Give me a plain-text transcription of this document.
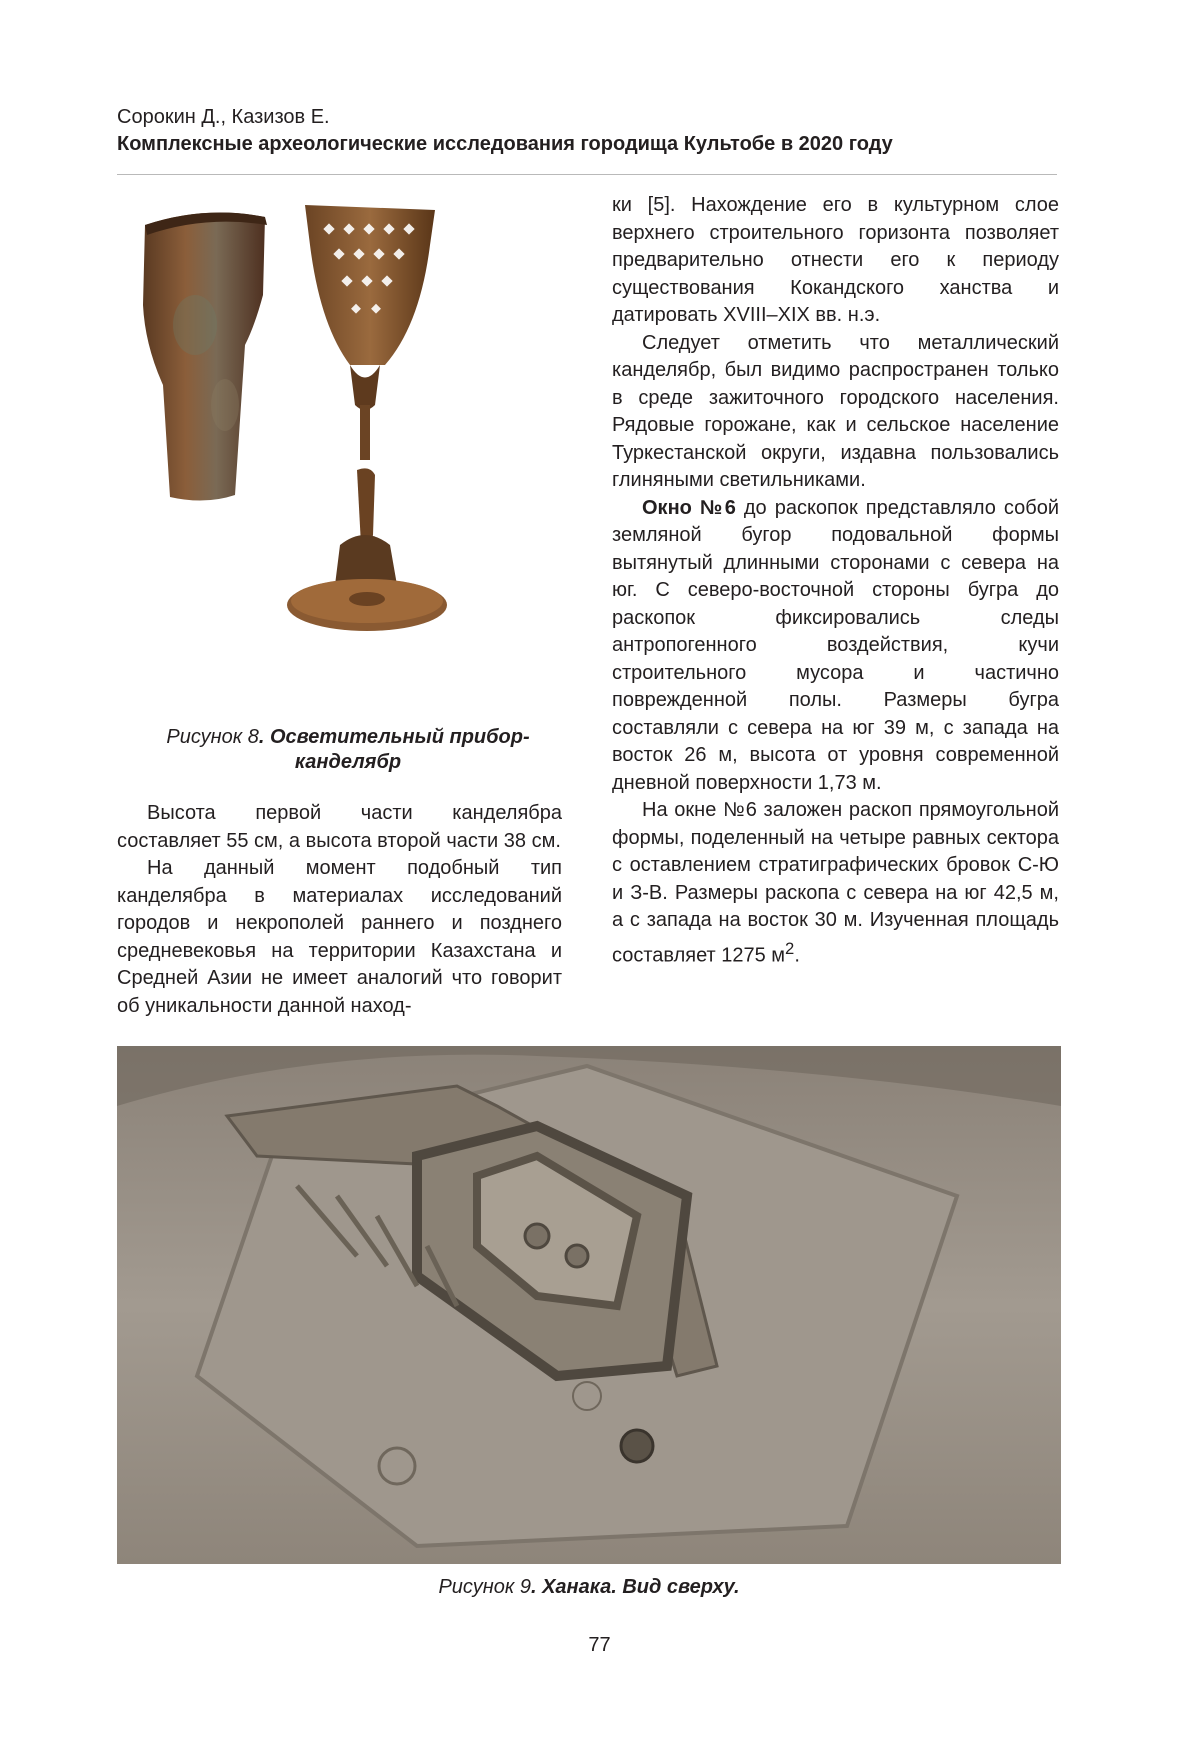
Сорокин Д., Казизов Е.

Комплексные археологические исследования городища Культобе в 2020 году

Рисунок 8. Осветительный прибор-канделябр

Высота первой части канделябра составляет 55 см, а высота второй части 38 см.

На данный момент подобный тип канделябра в материалах исследований городов и некрополей раннего и позднего средневековья на территории Казахстана и Средней Азии не имеет аналогий что говорит об уникальности данной наход-

ки [5]. Нахождение его в культурном слое верхнего строительного горизонта позволяет предварительно отнести его к периоду существования Кокандского ханства и датировать XVIII–XIX вв. н.э.

Следует отметить что металлический канделябр, был видимо распространен только в среде зажиточного городского населения. Рядовые горожане, как и сельское население Туркестанской округи, издавна пользовались глиняными светильниками.

Окно №6 до раскопок представляло собой земляной бугор подовальной формы вытянутый длинными сторонами с севера на юг. С северо-восточной стороны бугра до раскопок фиксировались следы антропогенного воздействия, кучи строительного мусора и частично поврежденной полы. Размеры бугра составляли с севера на юг 39 м, с запада на восток 26 м, высота от уровня современной дневной поверхности 1,73 м.

На окне №6 заложен раскоп прямоугольной формы, поделенный на четыре равных сектора с оставлением стратиграфических бровок С-Ю и З-В. Размеры раскопа с севера на юг 42,5 м, а с запада на восток 30 м. Изученная площадь составляет 1275 $м^2$.

Рисунок 9. Ханака. Вид сверху.
77
